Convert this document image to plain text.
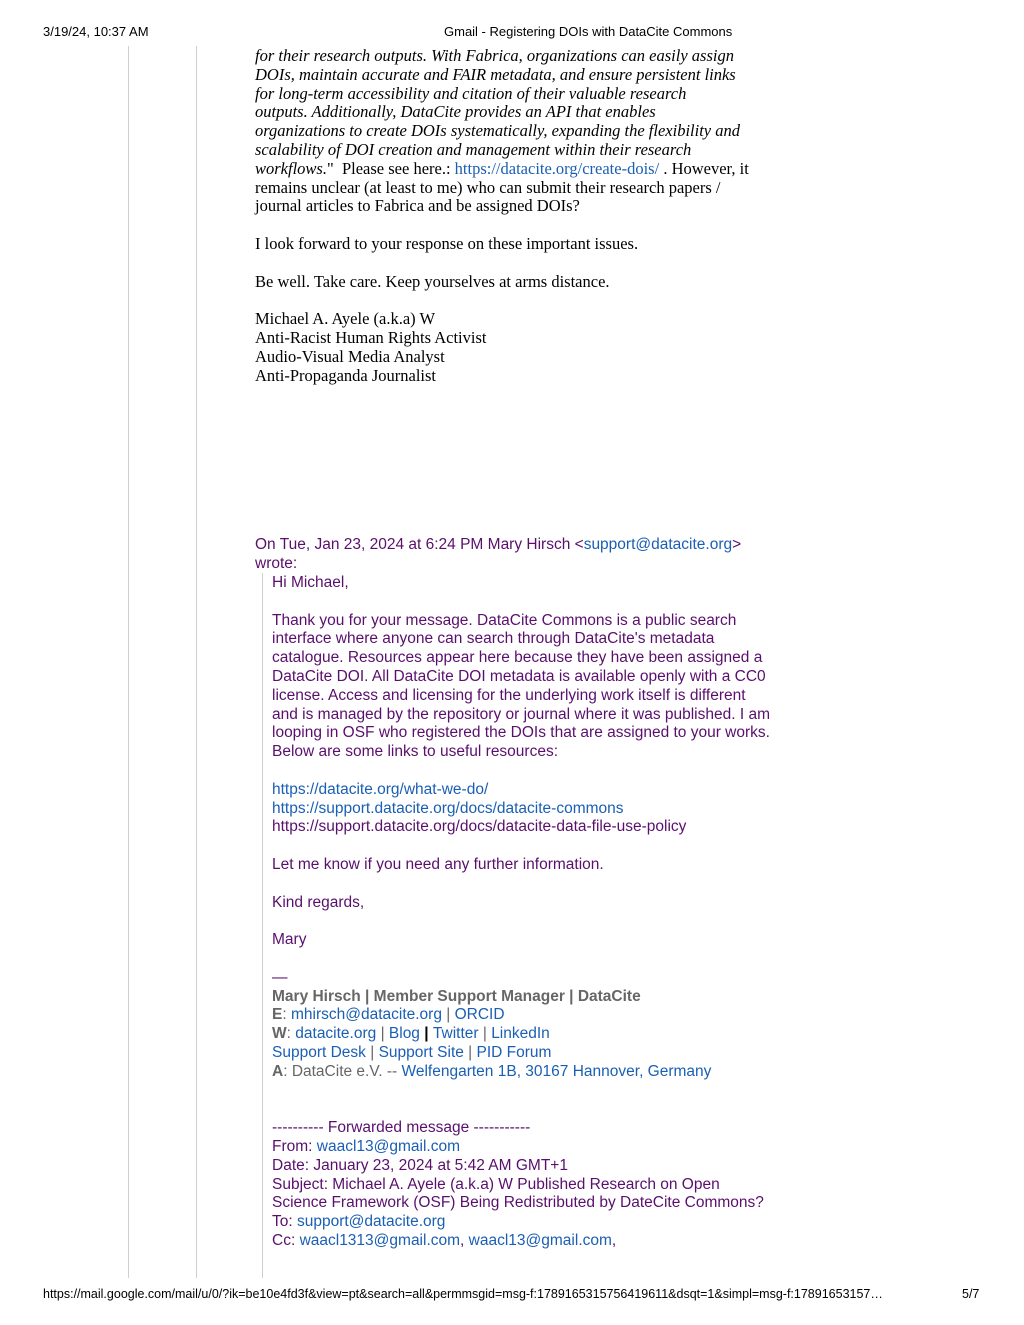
3/19/24, 10:37 AM	Gmail - Registering DOIs with DataCite Commons
for their research outputs. With Fabrica, organizations can easily assign
DOIs, maintain accurate and FAIR metadata, and ensure persistent links
for long-term accessibility and citation of their valuable research
outputs. Additionally, DataCite provides an API that enables
organizations to create DOIs systematically, expanding the flexibility and
scalability of DOI creation and management within their research
workflows."  Please see here.: https://datacite.org/create-dois/ . However, it
remains unclear (at least to me) who can submit their research papers /
journal articles to Fabrica and be assigned DOIs?
I look forward to your response on these important issues.
Be well. Take care. Keep yourselves at arms distance.
Michael A. Ayele (a.k.a) W
Anti-Racist Human Rights Activist
Audio-Visual Media Analyst
Anti-Propaganda Journalist
On Tue, Jan 23, 2024 at 6:24 PM Mary Hirsch <support@datacite.org>
wrote:

Hi Michael,

Thank you for your message. DataCite Commons is a public search
interface where anyone can search through DataCite's metadata
catalogue. Resources appear here because they have been assigned a
DataCite DOI. All DataCite DOI metadata is available openly with a CC0
license. Access and licensing for the underlying work itself is different
and is managed by the repository or journal where it was published. I am
looping in OSF who registered the DOIs that are assigned to your works.
Below are some links to useful resources:
https://datacite.org/what-we-do/
https://support.datacite.org/docs/datacite-commons
https://support.datacite.org/docs/datacite-data-file-use-policy

Let me know if you need any further information.

Kind regards,

Mary

—

Mary Hirsch | Member Support Manager | DataCite

E: mhirsch@datacite.org | ORCID

W: datacite.org | Blog | Twitter | LinkedIn

Support Desk | Support Site | PID Forum

A: DataCite e.V. -- Welfengarten 1B, 30167 Hannover, Germany

---------- Forwarded message -----------

From: waacl13@gmail.com

Date: January 23, 2024 at 5:42 AM GMT+1

Subject: Michael A. Ayele (a.k.a) W Published Research on Open

Science Framework (OSF) Being Redistributed by DateCite Commons?

To: support@datacite.org

Cc: waacl1313@gmail.com, waacl13@gmail.com,

https://mail.google.com/mail/u/0/?ik=be10e4fd3f&view=pt&search=all&permmsgid=msg-f:1789165315756419611&dsqt=1&simpl=msg-f:17891653157…	5/7
